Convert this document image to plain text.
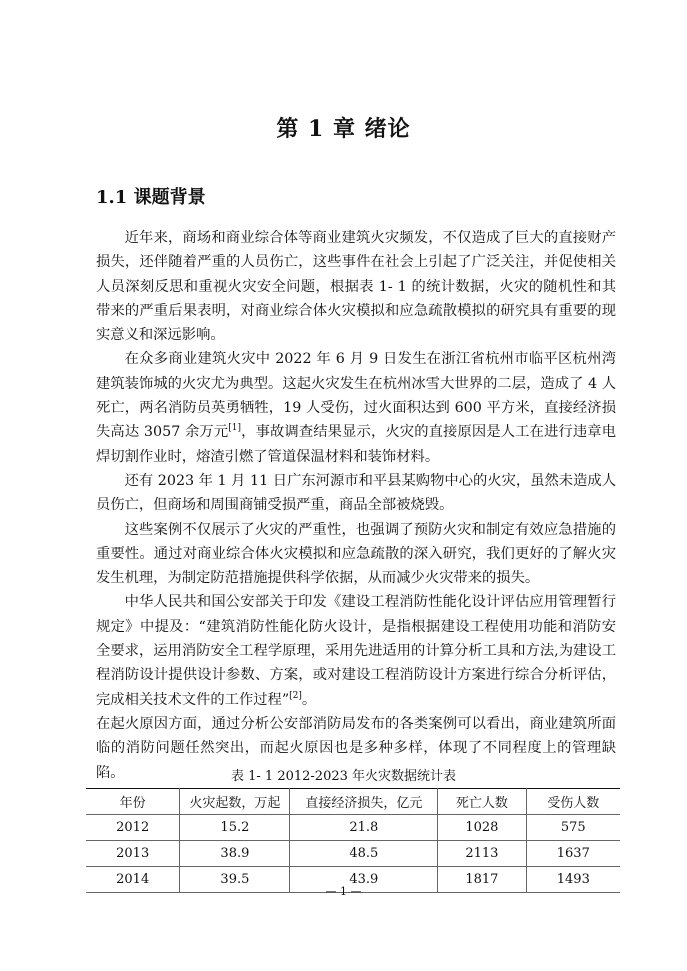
第 1 章 绪论
1.1 课题背景

近年来，商场和商业综合体等商业建筑火灾频发，不仅造成了巨大的直接财产损失，还伴随着严重的人员伤亡，这些事件在社会上引起了广泛关注，并促使相关人员深刻反思和重视火灾安全问题，根据表 1- 1 的统计数据，火灾的随机性和其带来的严重后果表明，对商业综合体火灾模拟和应急疏散模拟的研究具有重要的现实意义和深远影响。

在众多商业建筑火灾中 2022 年 6 月 9 日发生在浙江省杭州市临平区杭州湾建筑装饰城的火灾尤为典型。这起火灾发生在杭州冰雪大世界的二层，造成了 4 人死亡，两名消防员英勇牺牲，19 人受伤，过火面积达到 600 平方米，直接经济损失高达 3057 余万元[1]，事故调查结果显示，火灾的直接原因是人工在进行违章电焊切割作业时，熔渣引燃了管道保温材料和装饰材料。

还有 2023 年 1 月 11 日广东河源市和平县某购物中心的火灾，虽然未造成人员伤亡，但商场和周围商铺受损严重，商品全部被烧毁。

这些案例不仅展示了火灾的严重性，也强调了预防火灾和制定有效应急措施的重要性。通过对商业综合体火灾模拟和应急疏散的深入研究，我们更好的了解火灾发生机理，为制定防范措施提供科学依据，从而减少火灾带来的损失。

中华人民共和国公安部关于印发《建设工程消防性能化设计评估应用管理暂行规定》中提及：“建筑消防性能化防火设计，是指根据建设工程使用功能和消防安全要求，运用消防安全工程学原理，采用先进适用的计算分析工具和方法,为建设工程消防设计提供设计参数、方案，或对建设工程消防设计方案进行综合分析评估，完成相关技术文件的工作过程”[2]。

在起火原因方面，通过分析公安部消防局发布的各类案例可以看出，商业建筑所面临的消防问题任然突出，而起火原因也是多种多样，体现了不同程度上的管理缺陷。	表 1- 1 2012-2023 年火灾数据统计表
年份	火灾起数，万起	直接经济损失，亿元	死亡人数	受伤人数
2012	15.2	21.8	1028	575
2013	38.9	48.5	2113	1637
2014	39.5	43.9	1817	1493
— 1 —
